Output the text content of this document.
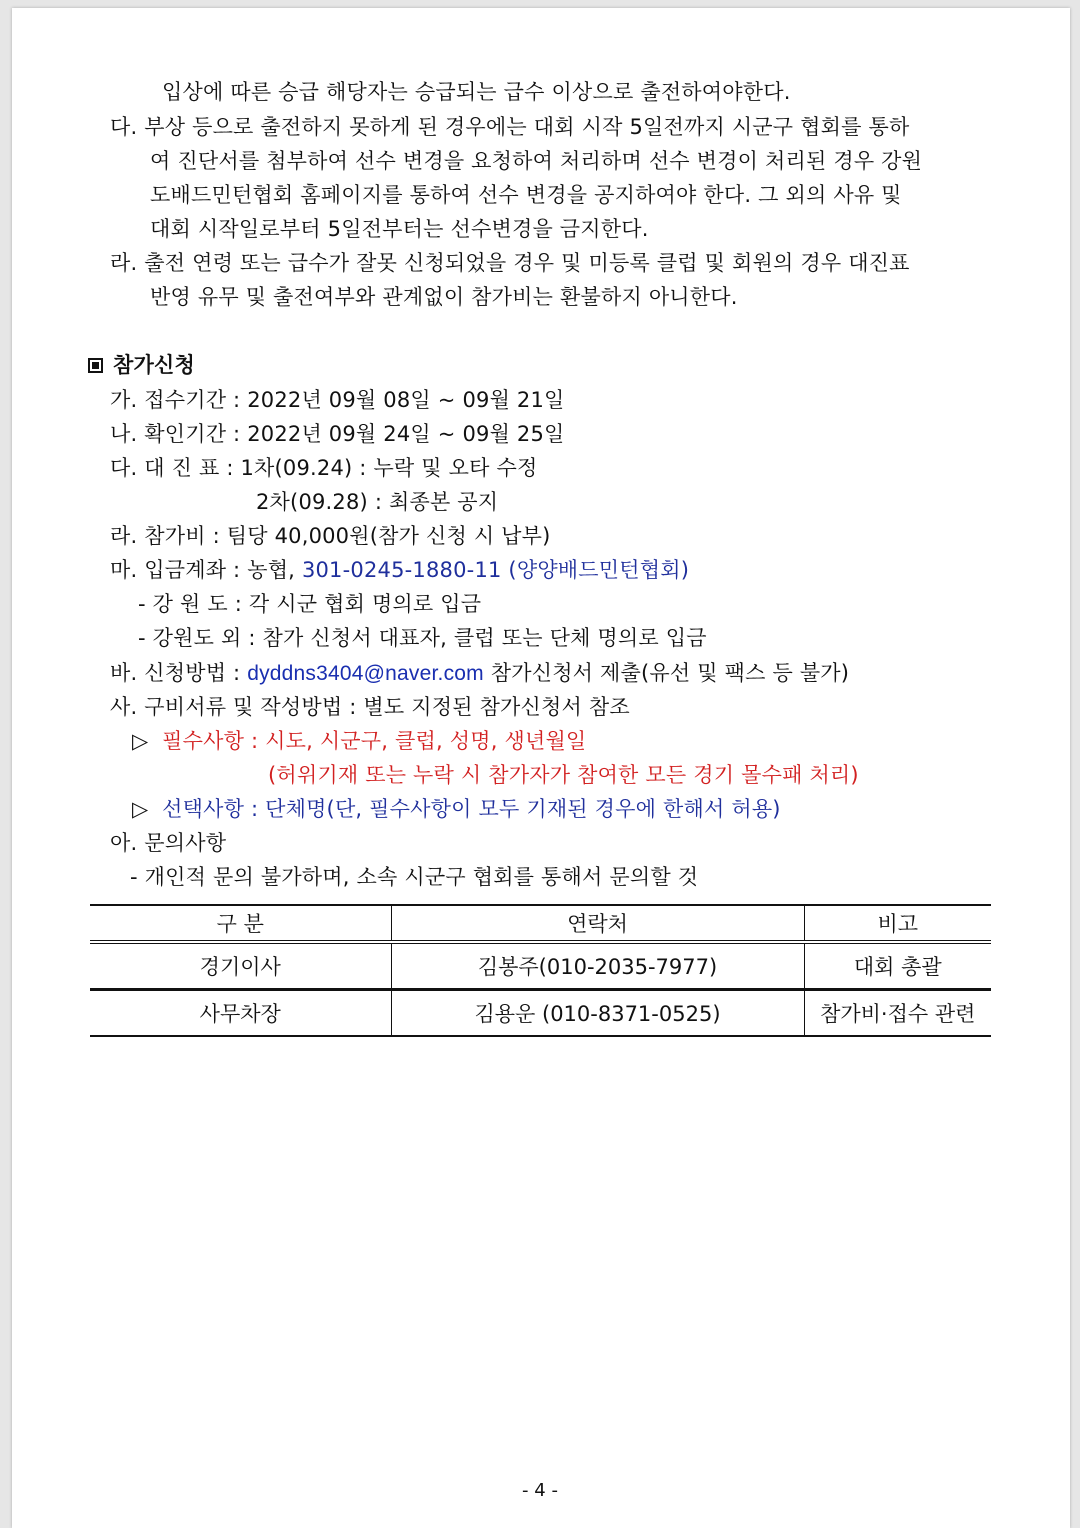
입상에 따른 승급 해당자는 승급되는 급수 이상으로 출전하여야한다.
다. 부상 등으로 출전하지 못하게 된 경우에는 대회 시작 5일전까지 시군구 협회를 통하
여 진단서를 첨부하여 선수 변경을 요청하여 처리하며 선수 변경이 처리된 경우 강원
도배드민턴협회 홈페이지를 통하여 선수 변경을 공지하여야 한다. 그 외의 사유 및
대회 시작일로부터 5일전부터는 선수변경을 금지한다.
라. 출전 연령 또는 급수가 잘못 신청되었을 경우 및 미등록 클럽 및 회원의 경우 대진표
반영 유무 및 출전여부와 관계없이 참가비는 환불하지 아니한다.
참가신청
가. 접수기간 : 2022년 09월 08일 ~ 09월 21일
나. 확인기간 : 2022년 09월 24일 ~ 09월 25일
다. 대 진 표 : 1차(09.24) : 누락 및 오타 수정
2차(09.28) : 최종본 공지
라. 참가비 : 팀당 40,000원(참가 신청 시 납부)
마. 입금계좌 : 농협, 301-0245-1880-11 (양양배드민턴협회)
- 강 원 도 : 각 시군 협회 명의로 입금
- 강원도 외 : 참가 신청서 대표자, 클럽 또는 단체 명의로 입금
바. 신청방법 : dyddns3404@naver.com 참가신청서 제출(유선 및 팩스 등 불가)
사. 구비서류 및 작성방법 : 별도 지정된 참가신청서 참조
▷ 필수사항 : 시도, 시군구, 클럽, 성명, 생년월일
(허위기재 또는 누락 시 참가자가 참여한 모든 경기 몰수패 처리)
▷ 선택사항 : 단체명(단, 필수사항이 모두 기재된 경우에 한해서 허용)
아. 문의사항
- 개인적 문의 불가하며, 소속 시군구 협회를 통해서 문의할 것
구 분	연락처	비고
경기이사	김봉주(010-2035-7977)	대회 총괄
사무차장	김용운 (010-8371-0525)	참가비·접수 관련
- 4 -
